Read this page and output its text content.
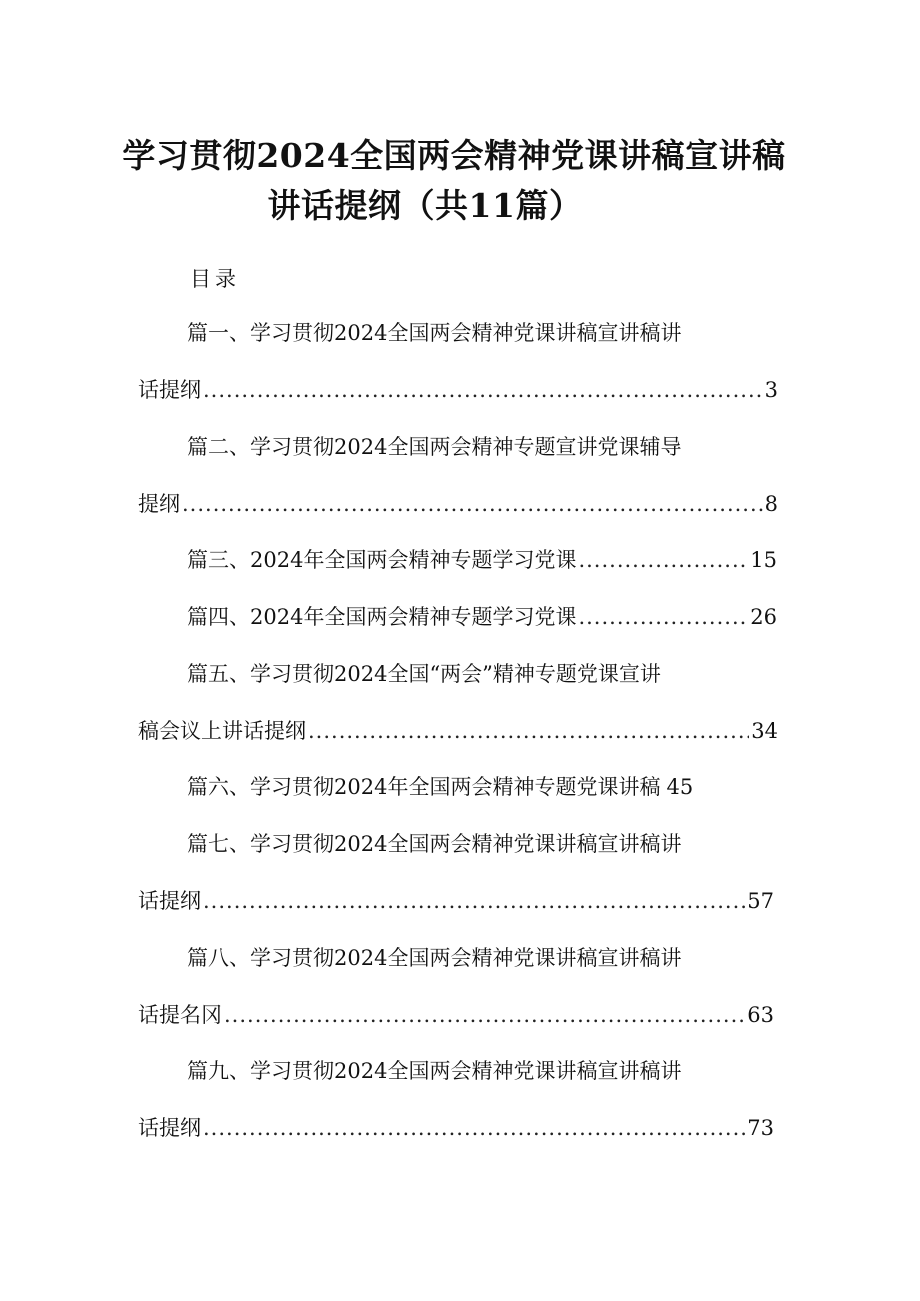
学习贯彻2024全国两会精神党课讲稿宣讲稿
讲话提纲（共11篇）
目录
篇一、学习贯彻2024全国两会精神党课讲稿宣讲稿讲
话提纲 .....	3
篇二、学习贯彻2024全国两会精神专题宣讲党课辅导
提纲 .....	8
篇三、2024年全国两会精神专题学习党课 .....	15
篇四、2024年全国两会精神专题学习党课 .....	26
篇五、学习贯彻2024全国“两会”精神专题党课宣讲
稿会议上讲话提纲 .....	34
篇六、学习贯彻2024年全国两会精神专题党课讲稿 45
篇七、学习贯彻2024全国两会精神党课讲稿宣讲稿讲
话提纲 .....	57
篇八、学习贯彻2024全国两会精神党课讲稿宣讲稿讲
话提名冈 .....	63
篇九、学习贯彻2024全国两会精神党课讲稿宣讲稿讲
话提纲 .....	73
